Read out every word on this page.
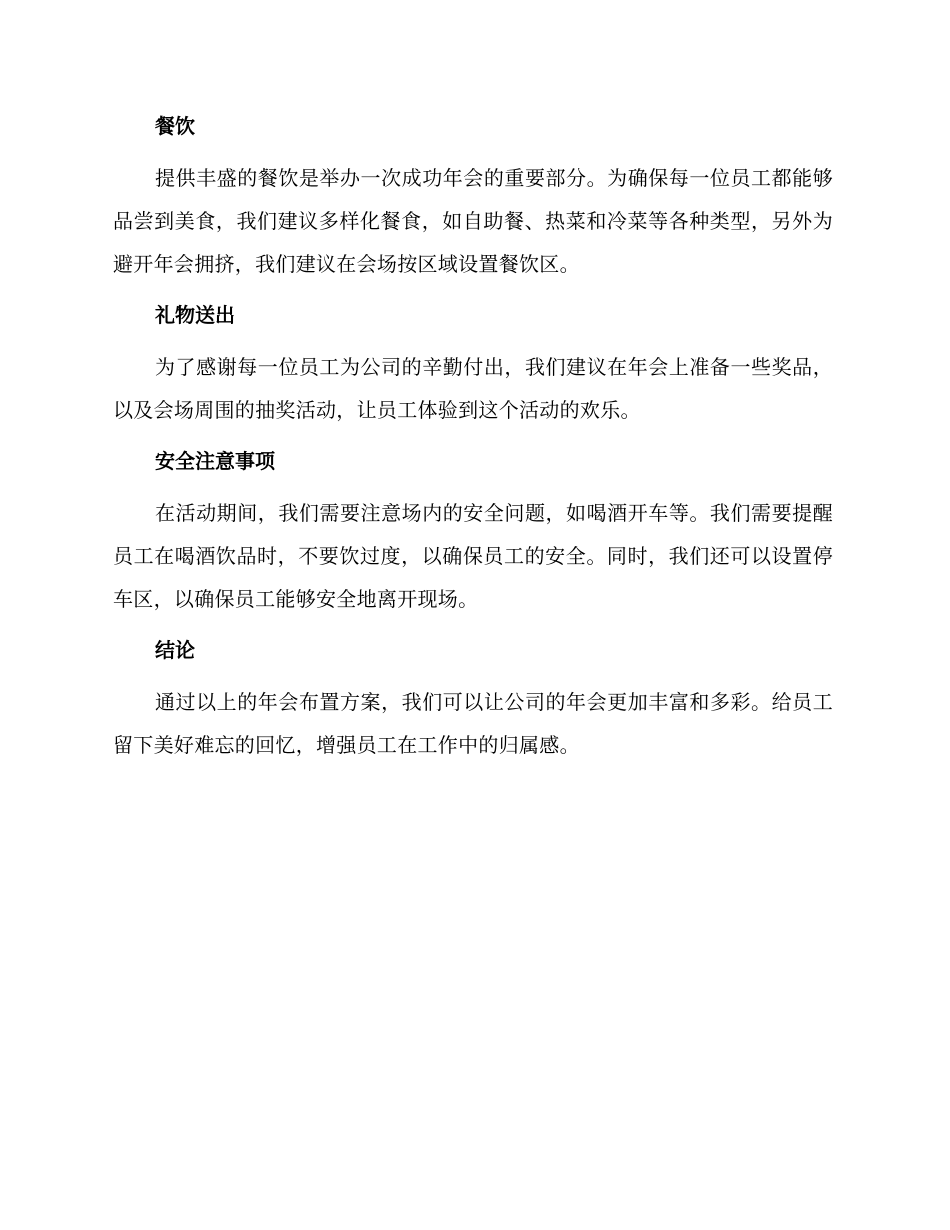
餐饮

提供丰盛的餐饮是举办一次成功年会的重要部分。为确保每一位员工都能够品尝到美食，我们建议多样化餐食，如自助餐、热菜和冷菜等各种类型，另外为避开年会拥挤，我们建议在会场按区域设置餐饮区。

礼物送出

为了感谢每一位员工为公司的辛勤付出，我们建议在年会上准备一些奖品，以及会场周围的抽奖活动，让员工体验到这个活动的欢乐。

安全注意事项

在活动期间，我们需要注意场内的安全问题，如喝酒开车等。我们需要提醒员工在喝酒饮品时，不要饮过度，以确保员工的安全。同时，我们还可以设置停车区，以确保员工能够安全地离开现场。

结论

通过以上的年会布置方案，我们可以让公司的年会更加丰富和多彩。给员工留下美好难忘的回忆，增强员工在工作中的归属感。
